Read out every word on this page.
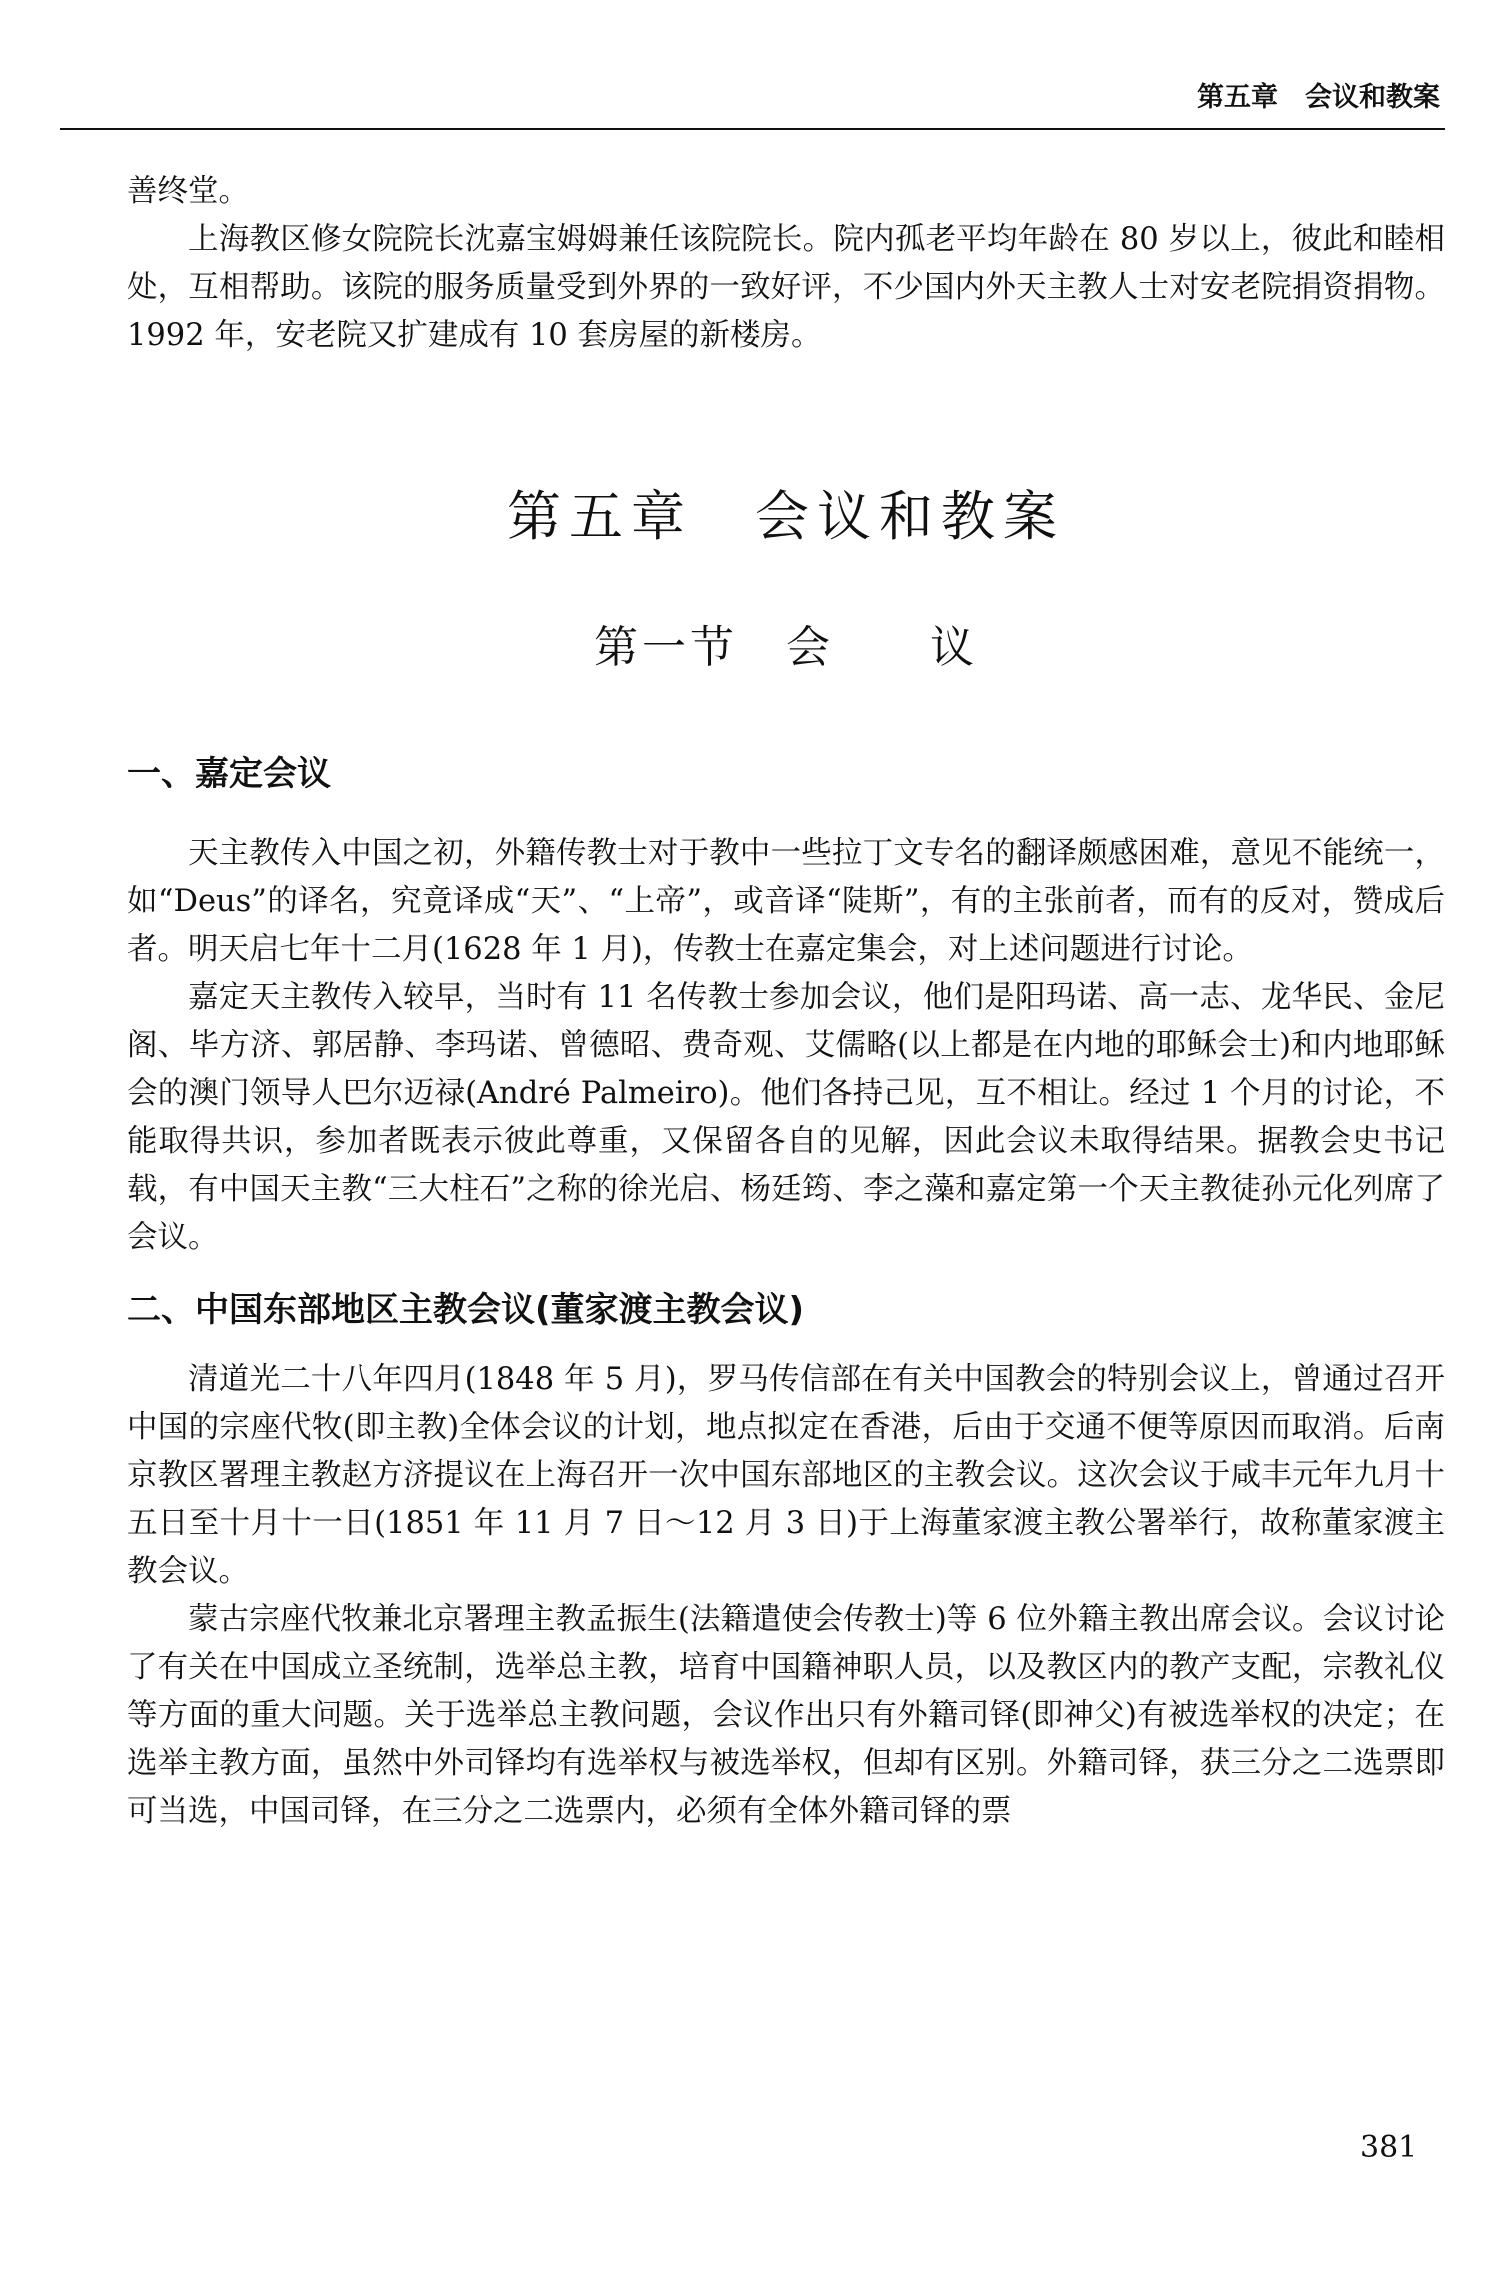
第五章　会议和教案

善终堂。

上海教区修女院院长沈嘉宝姆姆兼任该院院长。院内孤老平均年龄在 80 岁以上，彼此和睦相处，互相帮助。该院的服务质量受到外界的一致好评，不少国内外天主教人士对安老院捐资捐物。1992 年，安老院又扩建成有 10 套房屋的新楼房。

第五章　会议和教案
第一节　会　　议
一、嘉定会议

天主教传入中国之初，外籍传教士对于教中一些拉丁文专名的翻译颇感困难，意见不能统一，如“Deus”的译名，究竟译成“天”、“上帝”，或音译“陡斯”，有的主张前者，而有的反对，赞成后者。明天启七年十二月(1628 年 1 月)，传教士在嘉定集会，对上述问题进行讨论。

嘉定天主教传入较早，当时有 11 名传教士参加会议，他们是阳玛诺、高一志、龙华民、金尼阁、毕方济、郭居静、李玛诺、曾德昭、费奇观、艾儒略(以上都是在内地的耶稣会士)和内地耶稣会的澳门领导人巴尔迈禄(André Palmeiro)。他们各持己见，互不相让。经过 1 个月的讨论，不能取得共识，参加者既表示彼此尊重，又保留各自的见解，因此会议未取得结果。据教会史书记载，有中国天主教“三大柱石”之称的徐光启、杨廷筠、李之藻和嘉定第一个天主教徒孙元化列席了会议。

二、中国东部地区主教会议(董家渡主教会议)

清道光二十八年四月(1848 年 5 月)，罗马传信部在有关中国教会的特别会议上，曾通过召开中国的宗座代牧(即主教)全体会议的计划，地点拟定在香港，后由于交通不便等原因而取消。后南京教区署理主教赵方济提议在上海召开一次中国东部地区的主教会议。这次会议于咸丰元年九月十五日至十月十一日(1851 年 11 月 7 日～12 月 3 日)于上海董家渡主教公署举行，故称董家渡主教会议。

蒙古宗座代牧兼北京署理主教孟振生(法籍遣使会传教士)等 6 位外籍主教出席会议。会议讨论了有关在中国成立圣统制，选举总主教，培育中国籍神职人员，以及教区内的教产支配，宗教礼仪等方面的重大问题。关于选举总主教问题，会议作出只有外籍司铎(即神父)有被选举权的决定；在选举主教方面，虽然中外司铎均有选举权与被选举权，但却有区别。外籍司铎，获三分之二选票即可当选，中国司铎，在三分之二选票内，必须有全体外籍司铎的票

381
